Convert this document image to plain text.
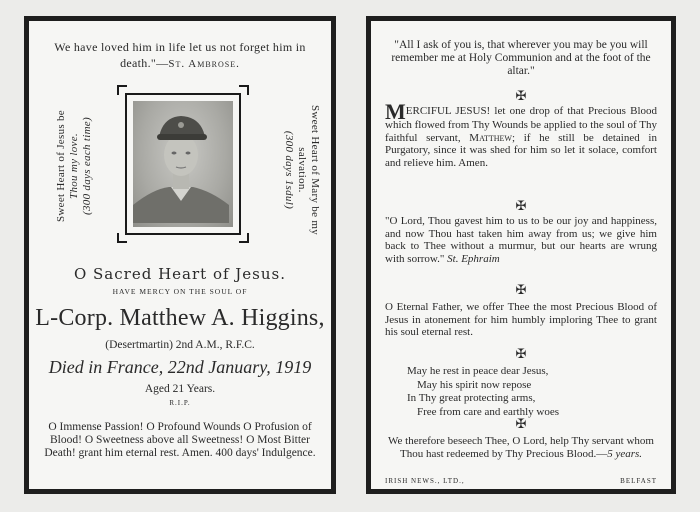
We have loved him in life let us not forget him in death."—St. Ambrose.
Sweet Heart of Jesus be Thou my love. (300 days each time)	Sweet Heart of Mary be my
salvation.
(300 days 1sdul)
O Sacred Heart of Jesus.
HAVE MERCY ON THE SOUL OF
L-Corp. Matthew A. Higgins,
(Desertmartin) 2nd A.M., R.F.C.
Died in France, 22nd January, 1919
Aged 21 Years.
R.I.P.
O Immense Passion! O Profound Wounds O Profusion of Blood! O Sweetness above all Sweetness! O Most Bitter Death! grant him eternal rest. Amen. 400 days' Indulgence.
"All I ask of you is, that wherever you may be you will remember me at Holy Communion and at the foot of the altar."
✠
MERCIFUL JESUS! let one drop of that Precious Blood which flowed from Thy Wounds be applied to the soul of Thy faithful servant, Matthew; if he still be detained in Purgatory, since it was shed for him so let it solace, comfort and relieve him. Amen.
✠
"O Lord, Thou gavest him to us to be our joy and happiness, and now Thou hast taken him away from us; we give him back to Thee without a murmur, but our hearts are wrung with sorrow." St. Ephraim
✠
O Eternal Father, we offer Thee the most Precious Blood of Jesus in atonement for him humbly imploring Thee to grant his soul eternal rest.
✠
May he rest in peace dear Jesus,
May his spirit now repose
In Thy great protecting arms,
Free from care and earthly woes
✠
We therefore beseech Thee, O Lord, help Thy servant whom Thou hast redeemed by Thy Precious Blood.—5 years.
IRISH NEWS., LTD.,	BELFAST
